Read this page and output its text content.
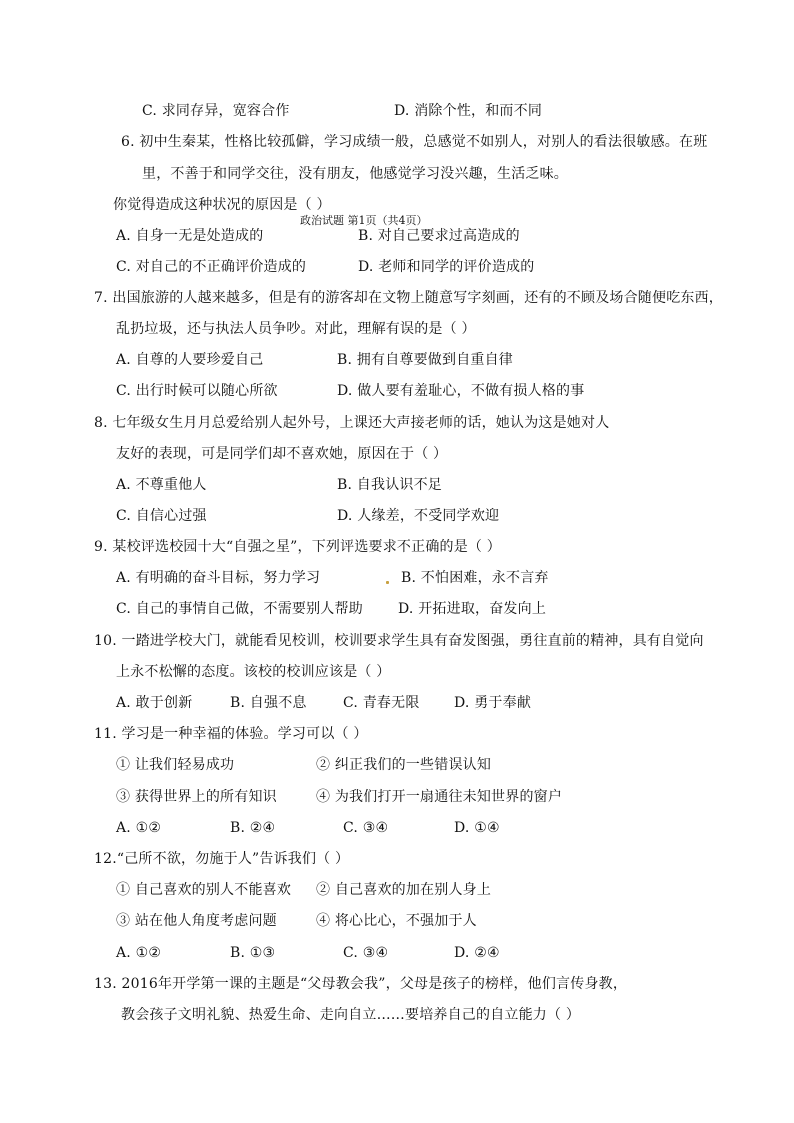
C. 求同存异，宽容合作	D. 消除个性，和而不同
6. 初中生秦某，性格比较孤僻，学习成绩一般，总感觉不如别人，对别人的看法很敏感。在班
里，不善于和同学交往，没有朋友，他感觉学习没兴趣，生活乏味。
你觉得造成这种状况的原因是（ ）
政治试题 第1页（共4页）
A. 自身一无是处造成的	B. 对自己要求过高造成的
C. 对自己的不正确评价造成的	D. 老师和同学的评价造成的
7. 出国旅游的人越来越多，但是有的游客却在文物上随意写字刻画，还有的不顾及场合随便吃东西，
乱扔垃圾，还与执法人员争吵。对此，理解有误的是（ ）
A. 自尊的人要珍爱自己	B. 拥有自尊要做到自重自律
C. 出行时候可以随心所欲	D. 做人要有羞耻心，不做有损人格的事
8. 七年级女生月月总爱给别人起外号，上课还大声接老师的话，她认为这是她对人
友好的表现，可是同学们却不喜欢她，原因在于（ ）
A. 不尊重他人	B. 自我认识不足
C. 自信心过强	D. 人缘差，不受同学欢迎
9. 某校评选校园十大“自强之星”，下列评选要求不正确的是（ ）
A. 有明确的奋斗目标，努力学习	B. 不怕困难，永不言弃
C. 自己的事情自己做，不需要别人帮助	D. 开拓进取，奋发向上
10. 一踏进学校大门，就能看见校训，校训要求学生具有奋发图强，勇往直前的精神，具有自觉向
上永不松懈的态度。该校的校训应该是（ ）
A. 敢于创新	B. 自强不息	C. 青春无限 D. 勇于奉献
11. 学习是一种幸福的体验。学习可以（ ）
① 让我们轻易成功	② 纠正我们的一些错误认知
③ 获得世界上的所有知识	④ 为我们打开一扇通往未知世界的窗户
A. ①②	B. ②④	C. ③④	D. ①④
12.“己所不欲，勿施于人”告诉我们（ ）
① 自己喜欢的别人不能喜欢 ② 自己喜欢的加在别人身上
③ 站在他人角度考虑问题	④ 将心比心，不强加于人
A. ①②	B. ①③	C. ③④	D. ②④
13. 2016年开学第一课的主题是“父母教会我”，父母是孩子的榜样，他们言传身教，
教会孩子文明礼貌、热爱生命、走向自立……要培养自己的自立能力（ ）
